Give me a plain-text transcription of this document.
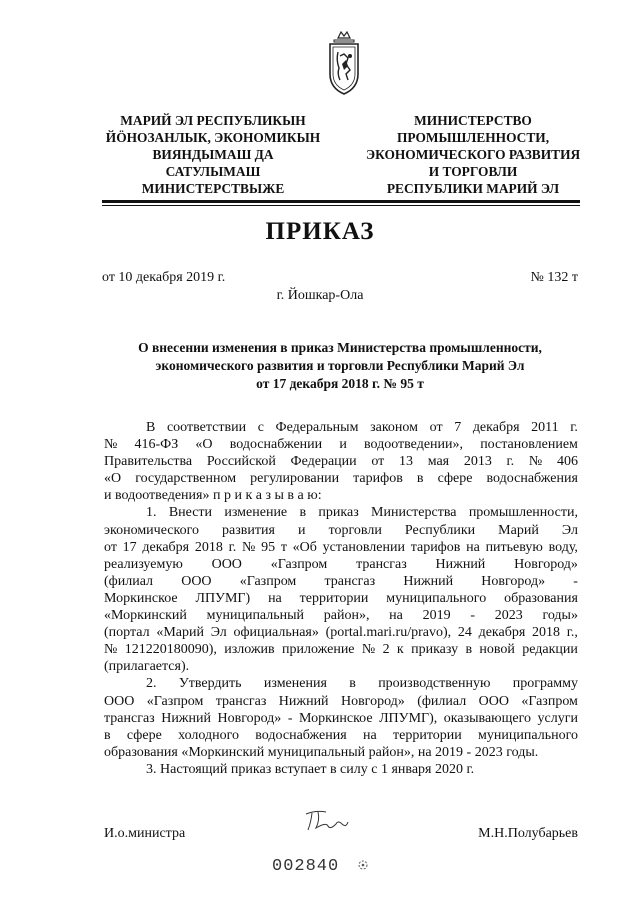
МАРИЙ ЭЛ РЕСПУБЛИКЫН
ЙÖНОЗАНЛЫК, ЭКОНОМИКЫН
ВИЯНДЫМАШ ДА
САТУЛЫМАШ
МИНИСТЕРСТВЫЖЕ
МИНИСТЕРСТВО
ПРОМЫШЛЕННОСТИ,
ЭКОНОМИЧЕСКОГО РАЗВИТИЯ
И ТОРГОВЛИ
РЕСПУБЛИКИ МАРИЙ ЭЛ
ПРИКАЗ
от 10 декабря 2019 г.	№ 132 т
г. Йошкар-Ола
О внесении изменения в приказ Министерства промышленности,
экономического развития и торговли Республики Марий Эл
от 17 декабря 2018 г. № 95 т
В соответствии с Федеральным законом от 7 декабря 2011 г.
№ 416-ФЗ «О водоснабжении и водоотведении», постановлением
Правительства Российской Федерации от 13 мая 2013 г. № 406
«О государственном регулировании тарифов в сфере водоснабжения
и водоотведения» п р и к а з ы в а ю:
1. Внести изменение в приказ Министерства промышленности,
экономического развития и торговли Республики Марий Эл
от 17 декабря 2018 г. № 95 т «Об установлении тарифов на питьевую воду,
реализуемую ООО «Газпром трансгаз Нижний Новгород»
(филиал ООО «Газпром трансгаз Нижний Новгород» -
Моркинское ЛПУМГ) на территории муниципального образования
«Моркинский муниципальный район», на 2019 - 2023 годы»
(портал «Марий Эл официальная» (portal.mari.ru/pravo), 24 декабря 2018 г.,
№ 121220180090), изложив приложение № 2 к приказу в новой редакции
(прилагается).
2. Утвердить изменения в производственную программу
ООО «Газпром трансгаз Нижний Новгород» (филиал ООО «Газпром
трансгаз Нижний Новгород» - Моркинское ЛПУМГ), оказывающего услуги
в сфере холодного водоснабжения на территории муниципального
образования «Моркинский муниципальный район», на 2019 - 2023 годы.
3. Настоящий приказ вступает в силу с 1 января 2020 г.
И.о.министра	М.Н.Полубарьев
002840
